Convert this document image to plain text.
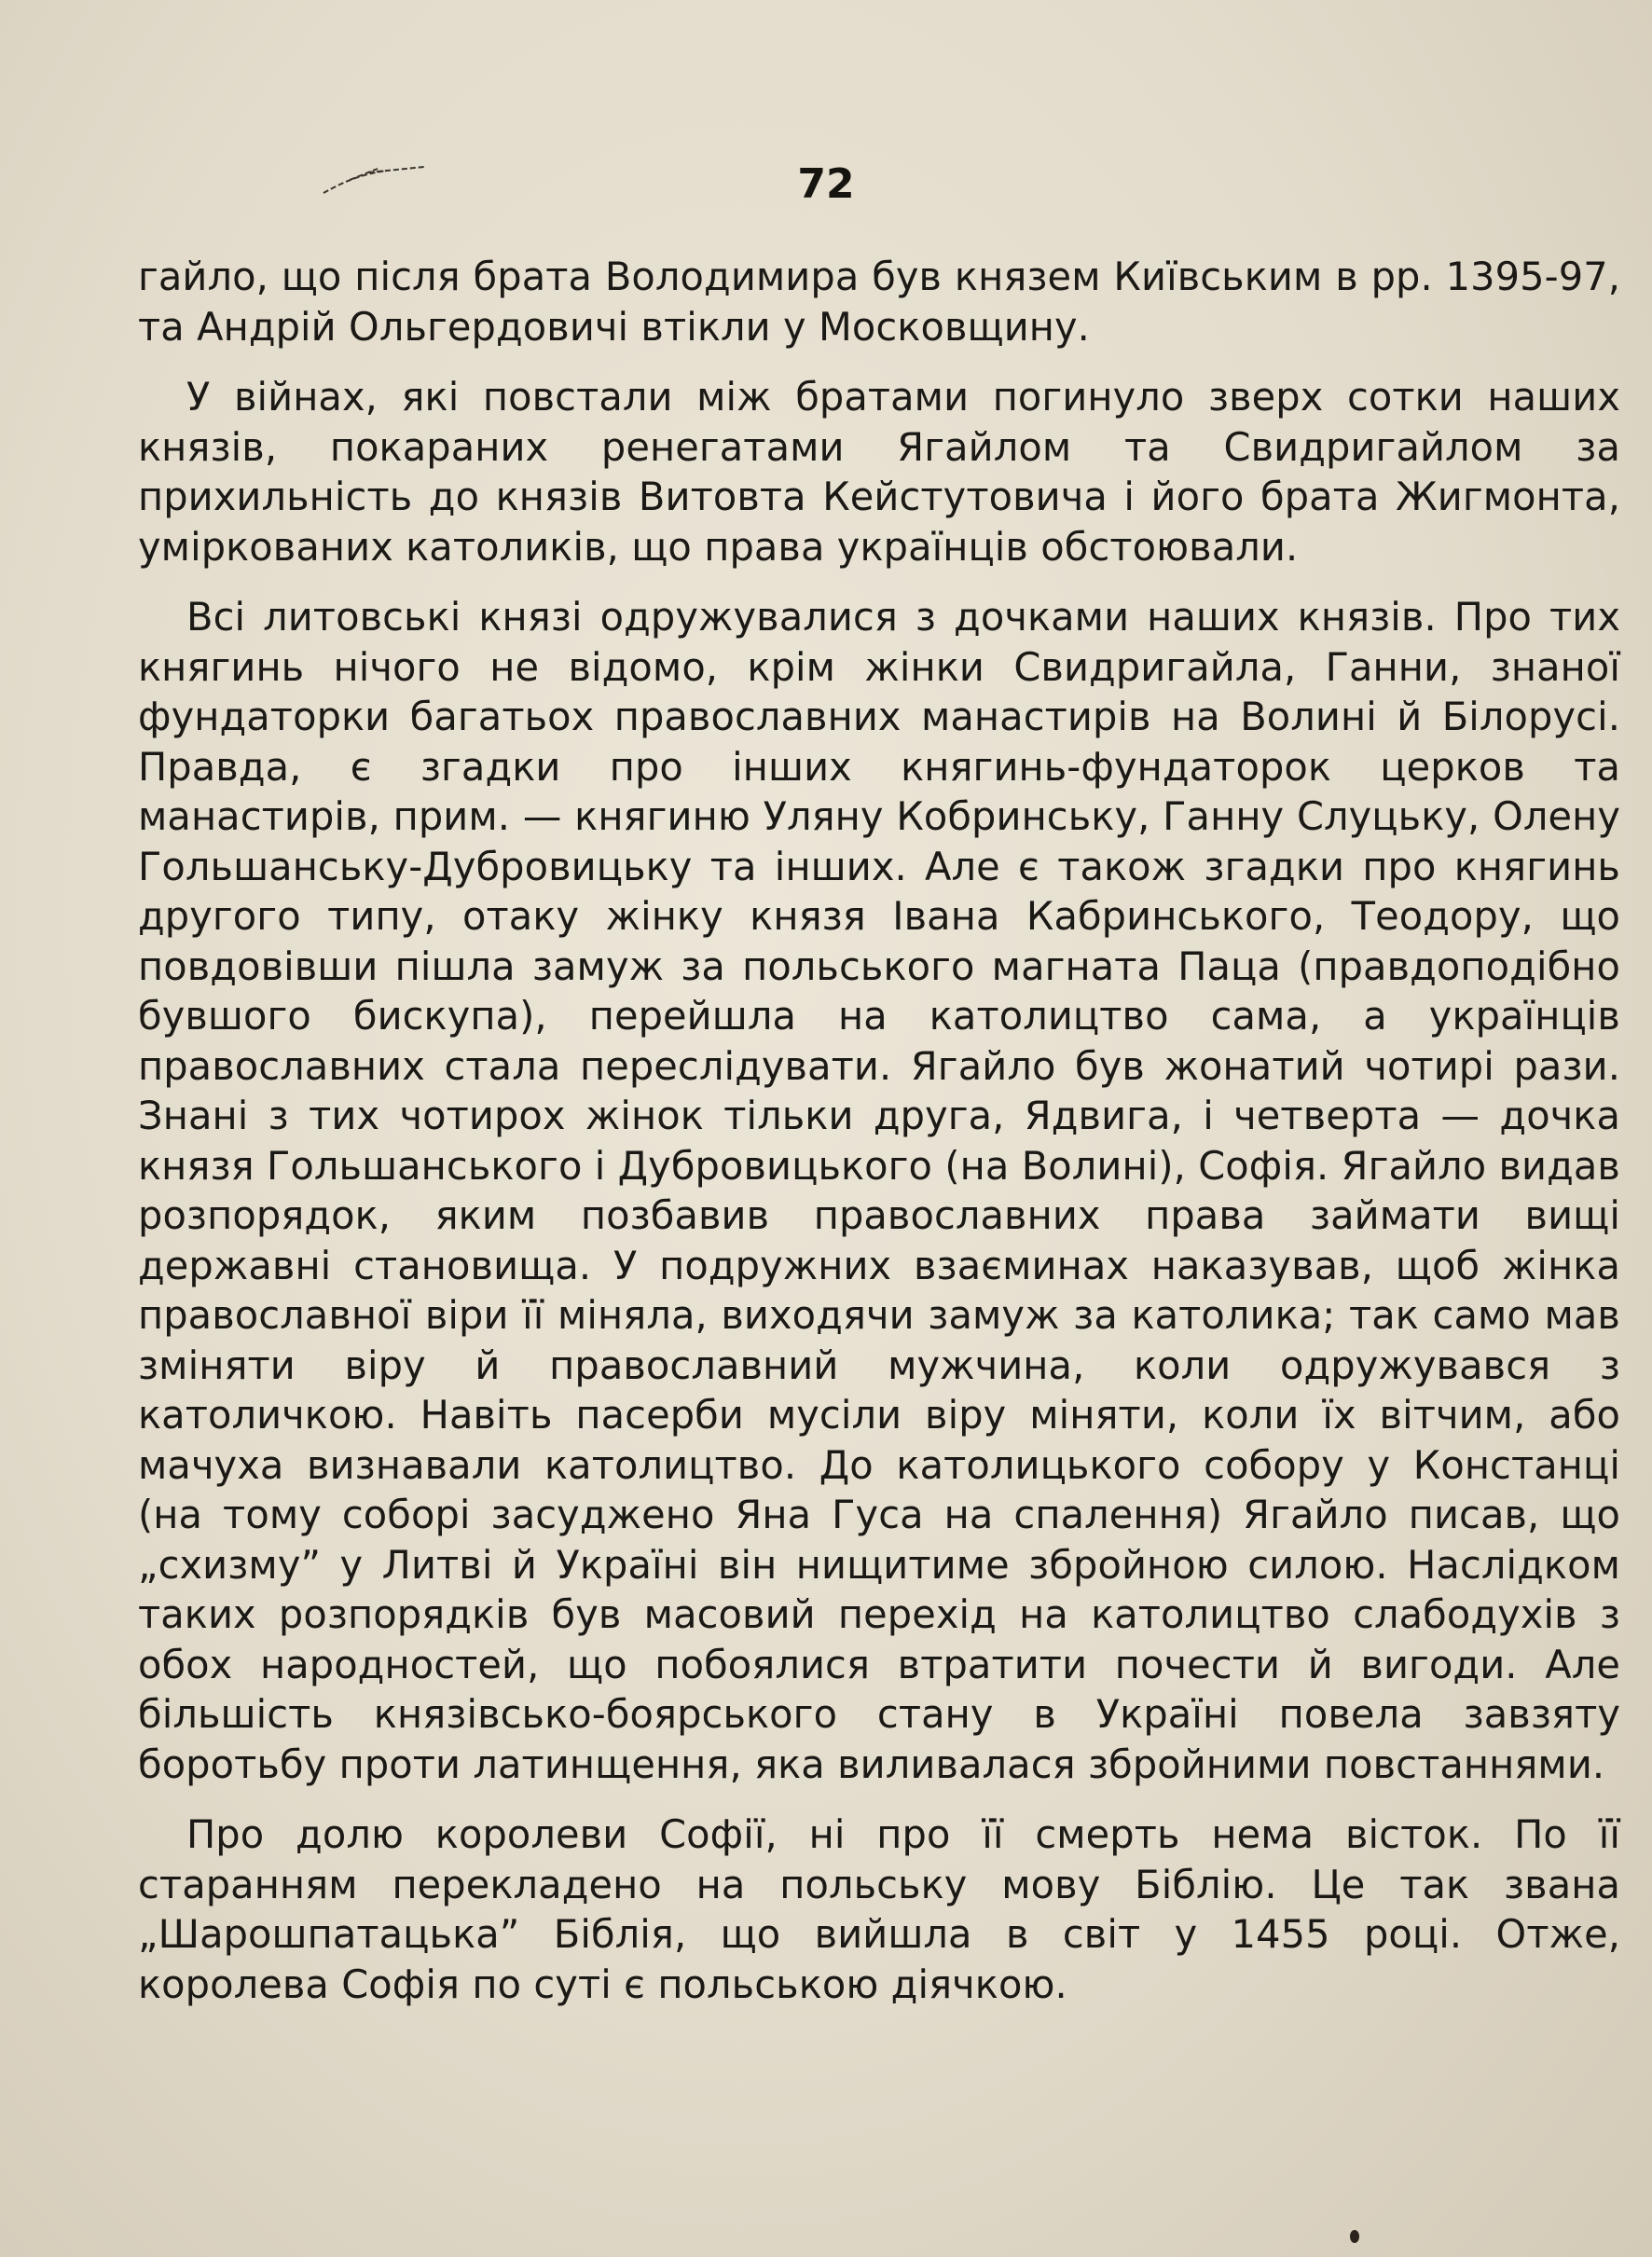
72

гайло, що після брата Володимира був князем Київським в рр. 1395-97, та Андрій Ольгердовичі втікли у Московщину.

У війнах, які повстали між братами погинуло зверх сотки наших князів, покараних ренегатами Ягайлом та Свидригайлом за прихильність до князів Витовта Кейстутовича і його брата Жигмонта, уміркованих католиків, що права українців обстоювали.

Всі литовські князі одружувалися з дочками наших князів. Про тих княгинь нічого не відомо, крім жінки Свидригайла, Ганни, знаної фундаторки багатьох православних манастирів на Волині й Білорусі. Правда, є згадки про інших княгинь-фундаторок церков та манастирів, прим. — княгиню Уляну Кобринську, Ганну Слуцьку, Олену Гольшанську-Дубровицьку та інших. Але є також згадки про княгинь другого типу, отаку жінку князя Івана Кабринського, Теодору, що повдовівши пішла замуж за польського магната Паца (правдоподібно бувшого бискупа), перейшла на католицтво сама, а українців православних стала переслідувати. Ягайло був жонатий чотирі рази. Знані з тих чотирох жінок тільки друга, Ядвига, і четверта — дочка князя Гольшанського і Дубровицького (на Волині), Софія. Ягайло видав розпорядок, яким позбавив православних права займати вищі державні становища. У подружних взаєминах наказував, щоб жінка православної віри її міняла, виходячи замуж за католика; так само мав зміняти віру й православний мужчина, коли одружувався з католичкою. Навіть пасерби мусіли віру міняти, коли їх вітчим, або мачуха визнавали католицтво. До католицького собору у Констанці (на тому соборі засуджено Яна Гуса на спалення) Ягайло писав, що „схизму” у Литві й Україні він нищитиме збройною силою. Наслідком таких розпорядків був масовий перехід на католицтво слабодухів з обох народностей, що побоялися втратити почести й вигоди. Але більшість князівсько-боярського стану в Україні повела завзяту боротьбу проти латинщення, яка виливалася збройними повстаннями.

Про долю королеви Софії, ні про її смерть нема вісток. По її старанням перекладено на польську мову Біблію. Це так звана „Шарошпатацька” Біблія, що вийшла в світ у 1455 році. Отже, королева Софія по суті є польською діячкою.
